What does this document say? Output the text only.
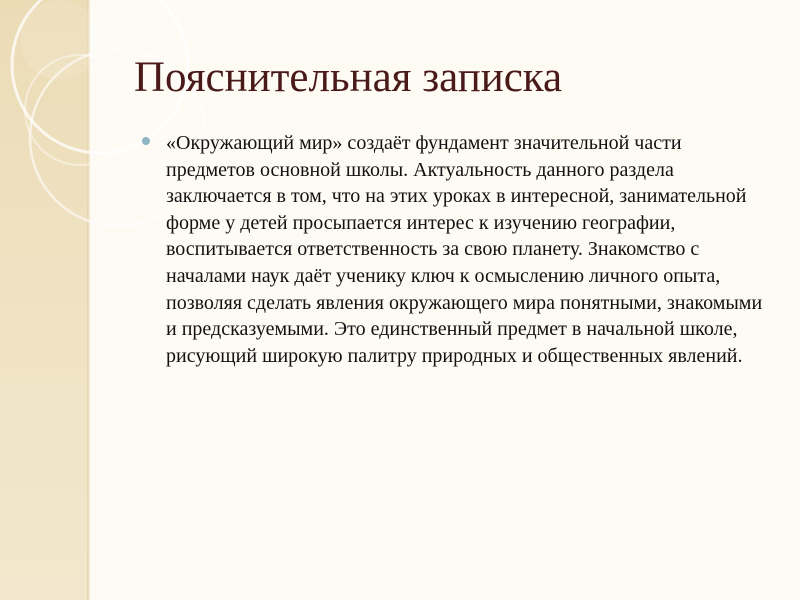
Пояснительная записка
«Окружающий мир» создаёт фундамент значительной части предметов основной школы. Актуальность данного раздела заключается в том, что на этих уроках в интересной, занимательной форме у детей просыпается интерес к изучению географии, воспитывается ответственность за свою планету. Знакомство с началами наук даёт ученику ключ к осмыслению личного опыта, позволяя сделать явления окружающего мира понятными, знакомыми и предсказуемыми. Это единственный предмет в начальной школе, рисующий широкую палитру природных и общественных явлений.
